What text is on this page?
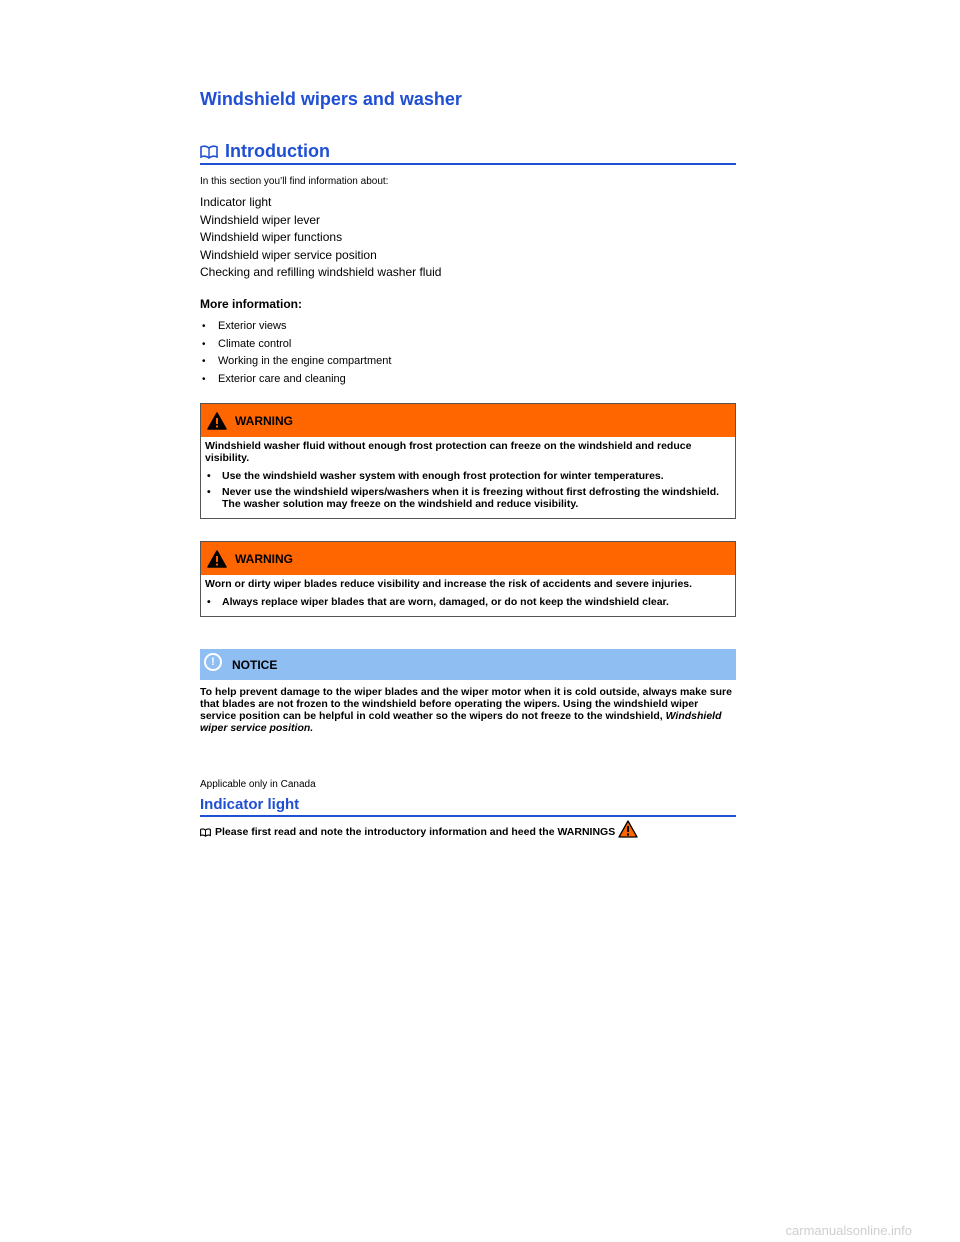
Windshield wipers and washer
Introduction
In this section you’ll find information about:
Indicator light
Windshield wiper lever
Windshield wiper functions
Windshield wiper service position
Checking and refilling windshield washer fluid
More information:
• Exterior views
• Climate control
• Working in the engine compartment
• Exterior care and cleaning
WARNING

Windshield washer fluid without enough frost protection can freeze on the windshield and reduce visibility.

• Use the windshield washer system with enough frost protection for winter temperatures.

• Never use the windshield wipers/washers when it is freezing without first defrosting the windshield. The washer solution may freeze on the windshield and reduce visibility.

WARNING

Worn or dirty wiper blades reduce visibility and increase the risk of accidents and severe injuries.

• Always replace wiper blades that are worn, damaged, or do not keep the windshield clear.

!	NOTICE
To help prevent damage to the wiper blades and the wiper motor when it is cold outside, always make sure that blades are not frozen to the windshield before operating the wipers. Using the windshield wiper service position can be helpful in cold weather so the wipers do not freeze to the windshield, Windshield wiper service position.
Applicable only in Canada
Indicator light
Please first read and note the introductory information and heed the WARNINGS
carmanualsonline.info
